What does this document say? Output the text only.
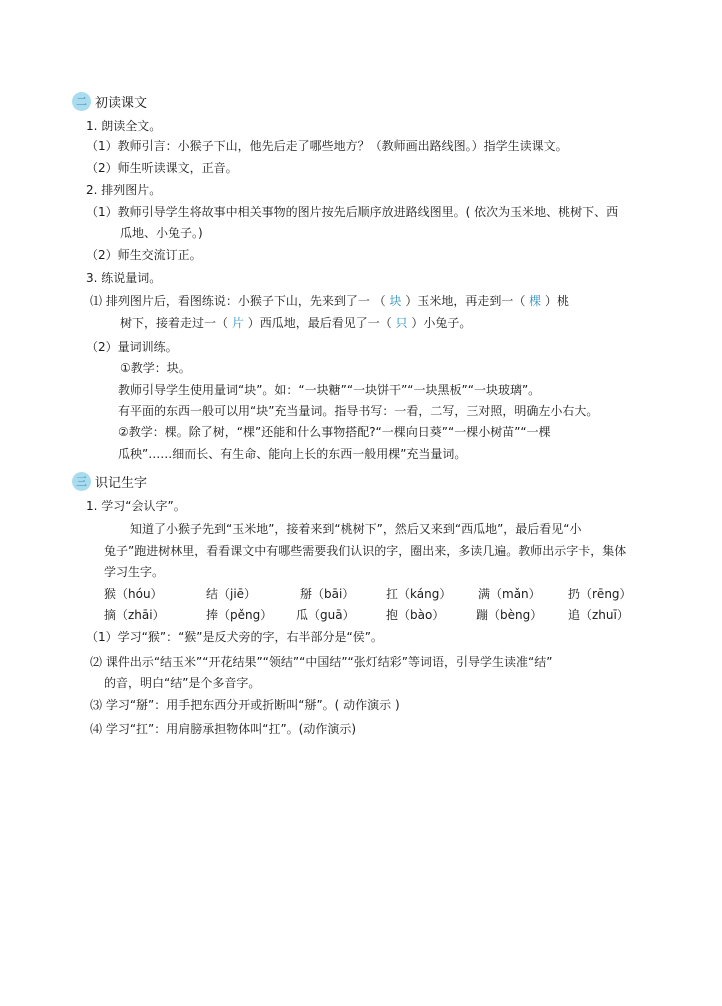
二 初读课文
1. 朗读全文。
（1）教师引言：小猴子下山，他先后走了哪些地方？（教师画出路线图。）指学生读课文。
（2）师生听读课文，正音。
2. 排列图片。
（1）教师引导学生将故事中相关事物的图片按先后顺序放进路线图里。( 依次为玉米地、桃树下、西
瓜地、小兔子。)
（2）师生交流订正。
3. 练说量词。
⑴ 排列图片后，看图练说：小猴子下山，先来到了一 （ 块 ）玉米地，再走到一（ 棵 ）桃
树下，接着走过一（ 片 ）西瓜地，最后看见了一（ 只 ）小兔子。
（2）量词训练。
①教学：块。
教师引导学生使用量词“块”。如：“一块糖”“一块饼干”“一块黑板”“一块玻璃”。
有平面的东西一般可以用“块”充当量词。指导书写：一看，二写，三对照，明确左小右大。
②教学：棵。除了树，“棵”还能和什么事物搭配?“一棵向日葵”“一棵小树苗”“一棵
瓜秧”……细而长、有生命、能向上长的东西一般用棵”充当量词。
三 识记生字
1. 学习“会认字”。
知道了小猴子先到“玉米地”，接着来到“桃树下”，然后又来到“西瓜地”，最后看见“小
兔子”跑进树林里，看看课文中有哪些需要我们认识的字，圈出来，多读几遍。教师出示字卡，集体
学习生字。
猴（hóu）	结（jiē）	掰（bāi）	扛（káng） 满（mǎn） 扔（rēng）
摘（zhāi）	捧（pěng） 瓜（guā）	抱（bào）	蹦（bèng） 追（zhuī）
（1）学习“猴”：“猴”是反犬旁的字，右半部分是“侯”。
⑵ 课件出示“结玉米”“开花结果”“领结”“中国结”“张灯结彩”等词语，引导学生读准“结”
的音，明白“结”是个多音字。
⑶ 学习“掰”：用手把东西分开或折断叫“掰”。( 动作演示 )
⑷ 学习“扛”：用肩膀承担物体叫“扛”。(动作演示)
